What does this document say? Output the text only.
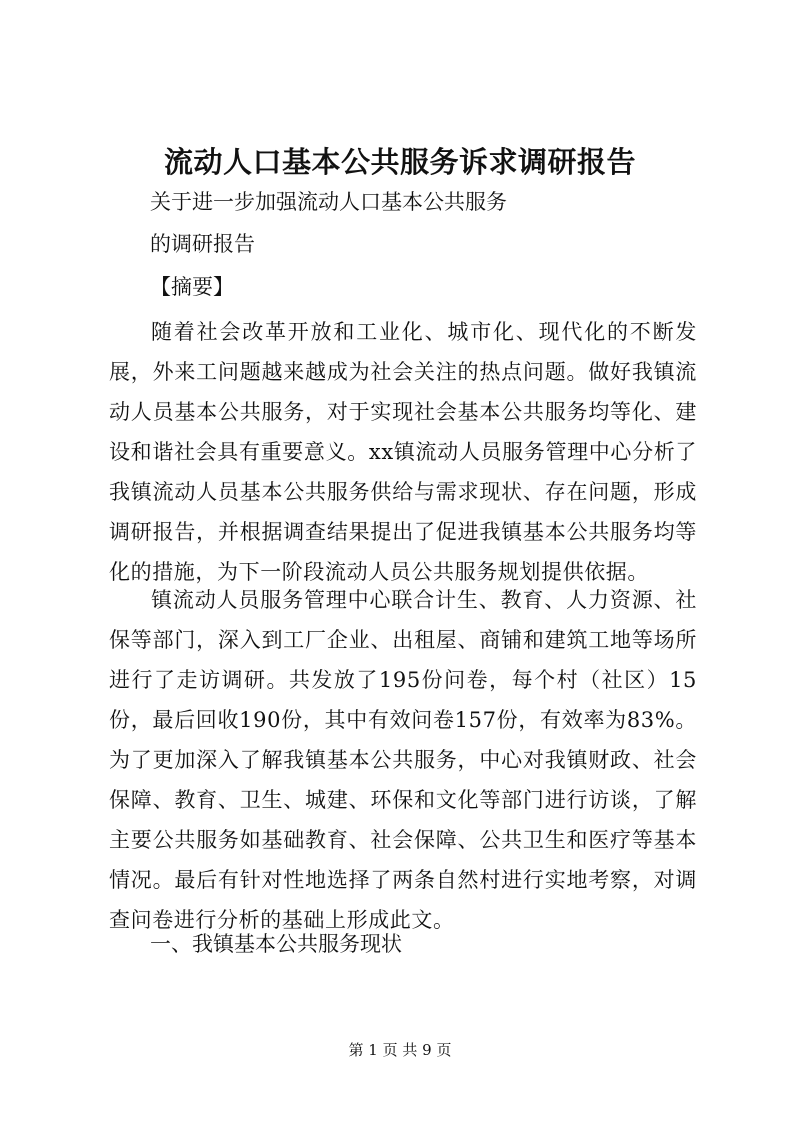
流动人口基本公共服务诉求调研报告
关于进一步加强流动人口基本公共服务
的调研报告
【摘要】
随着社会改革开放和工业化、城市化、现代化的不断发展，外来工问题越来越成为社会关注的热点问题。做好我镇流动人员基本公共服务，对于实现社会基本公共服务均等化、建设和谐社会具有重要意义。xx镇流动人员服务管理中心分析了我镇流动人员基本公共服务供给与需求现状、存在问题，形成调研报告，并根据调查结果提出了促进我镇基本公共服务均等化的措施，为下一阶段流动人员公共服务规划提供依据。
镇流动人员服务管理中心联合计生、教育、人力资源、社保等部门，深入到工厂企业、出租屋、商铺和建筑工地等场所进行了走访调研。共发放了195份问卷，每个村（社区）15份，最后回收190份，其中有效问卷157份，有效率为83%。为了更加深入了解我镇基本公共服务，中心对我镇财政、社会保障、教育、卫生、城建、环保和文化等部门进行访谈，了解主要公共服务如基础教育、社会保障、公共卫生和医疗等基本情况。最后有针对性地选择了两条自然村进行实地考察，对调查问卷进行分析的基础上形成此文。
一、我镇基本公共服务现状
第 1 页 共 9 页
